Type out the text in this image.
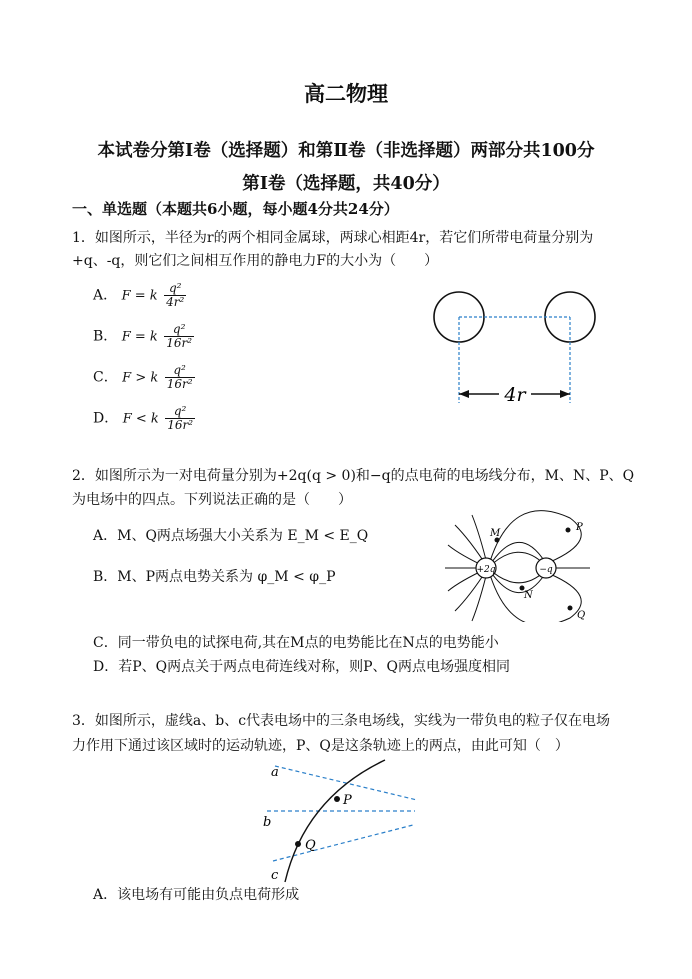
高二物理
本试卷分第Ⅰ卷（选择题）和第Ⅱ卷（非选择题）两部分共100分
第Ⅰ卷（选择题，共40分）
一、单选题（本题共6小题，每小题4分共24分）
1．如图所示，半径为r的两个相同金属球，两球心相距4r，若它们所带电荷量分别为
+q、-q，则它们之间相互作用的静电力F的大小为（　　）
A． F = k $\frac{\text{q²}}{\text{4r²}}$
B． F = k $\frac{\text{q²}}{\text{16r²}}$
C． F > k $\frac{\text{q²}}{\text{16r²}}$
D． F < k $\frac{\text{q²}}{\text{16r²}}$
4r
2．如图所示为一对电荷量分别为+2q(q > 0)和−q的点电荷的电场线分布，M、N、P、Q
为电场中的四点。下列说法正确的是（　　）
A．M、Q两点场强大小关系为 E_M < E_Q
B．M、P两点电势关系为 φ_M < φ_P
C．同一带负电的试探电荷,其在M点的电势能比在N点的电势能小
D．若P、Q两点关于两点电荷连线对称，则P、Q两点电场强度相同
+2q	−q
M
N
P
Q
3．如图所示，虚线a、b、c代表电场中的三条电场线，实线为一带负电的粒子仅在电场
力作用下通过该区域时的运动轨迹，P、Q是这条轨迹上的两点，由此可知（　）
a
b
c
P
Q
A．该电场有可能由负点电荷形成
